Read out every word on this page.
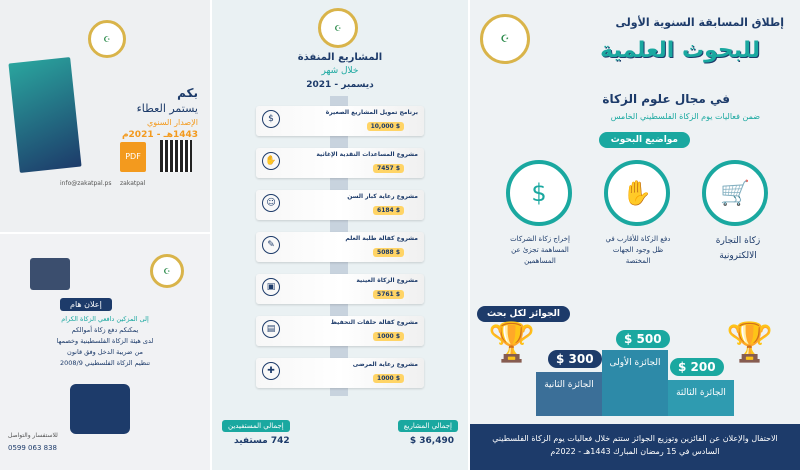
☪
بكم
يستمر العطاء
الإصدار السنوي
1443هـ - 2021م
PDF
info@zakatpal.ps zakatpal
☪
إعلان هام
إلى المزكين دافعي الزكاة الكرام
يمكنكم دفع زكاة أموالكم
لدى هيئة الزكاة الفلسطينية وخصمها
من ضريبة الدخل وفق قانون
تنظيم الزكاة الفلسطيني 2008/9
للاستفسار والتواصل
0599 063 838
☪
المشاريع المنفذة
خلال شهر
ديسمبر - 2021
برنامج تمويل المشاريع الصغيرة
$ 10,000
$
مشروع المساعدات النقدية الإغاثية
$ 7457
✋
مشروع رعاية كبار السن
$ 6184
☺
مشروع كفالة طلبة العلم
$ 5088
✎
مشروع الزكاة العينية
$ 5761
▣
مشروع كفالة حلقات التحفيظ
$ 1000
▤
مشروع رعاية المرضى
$ 1000
✚
إجمالي المشاريع
$ 36,490
إجمالي المستفيدين
742 مستفيد
☪
إطلاق المسابقة السنوية الأولى
للبحوث العلمية
في مجال علوم الزكاة
ضمن فعاليات يوم الزكاة الفلسطيني الخامس
مواضيع البحوث
$	✋	🛒
زكاة التجارة الالكترونية
دفع الزكاة للأقارب في ظل وجود الجهات المختصة
إخراج زكاة الشركات المساهمة تجزئ عن المساهمين
الجوائز لكل بحث
🏆	🏆
الجائزة الأولى
الجائزة الثانية
الجائزة الثالثة
$ 500
$ 300
$ 200
الاحتفال والإعلان عن الفائزين وتوزيع الجوائز ستتم خلال فعاليات يوم الزكاة الفلسطيني السادس في 15 رمضان المبارك 1443هـ - 2022م
